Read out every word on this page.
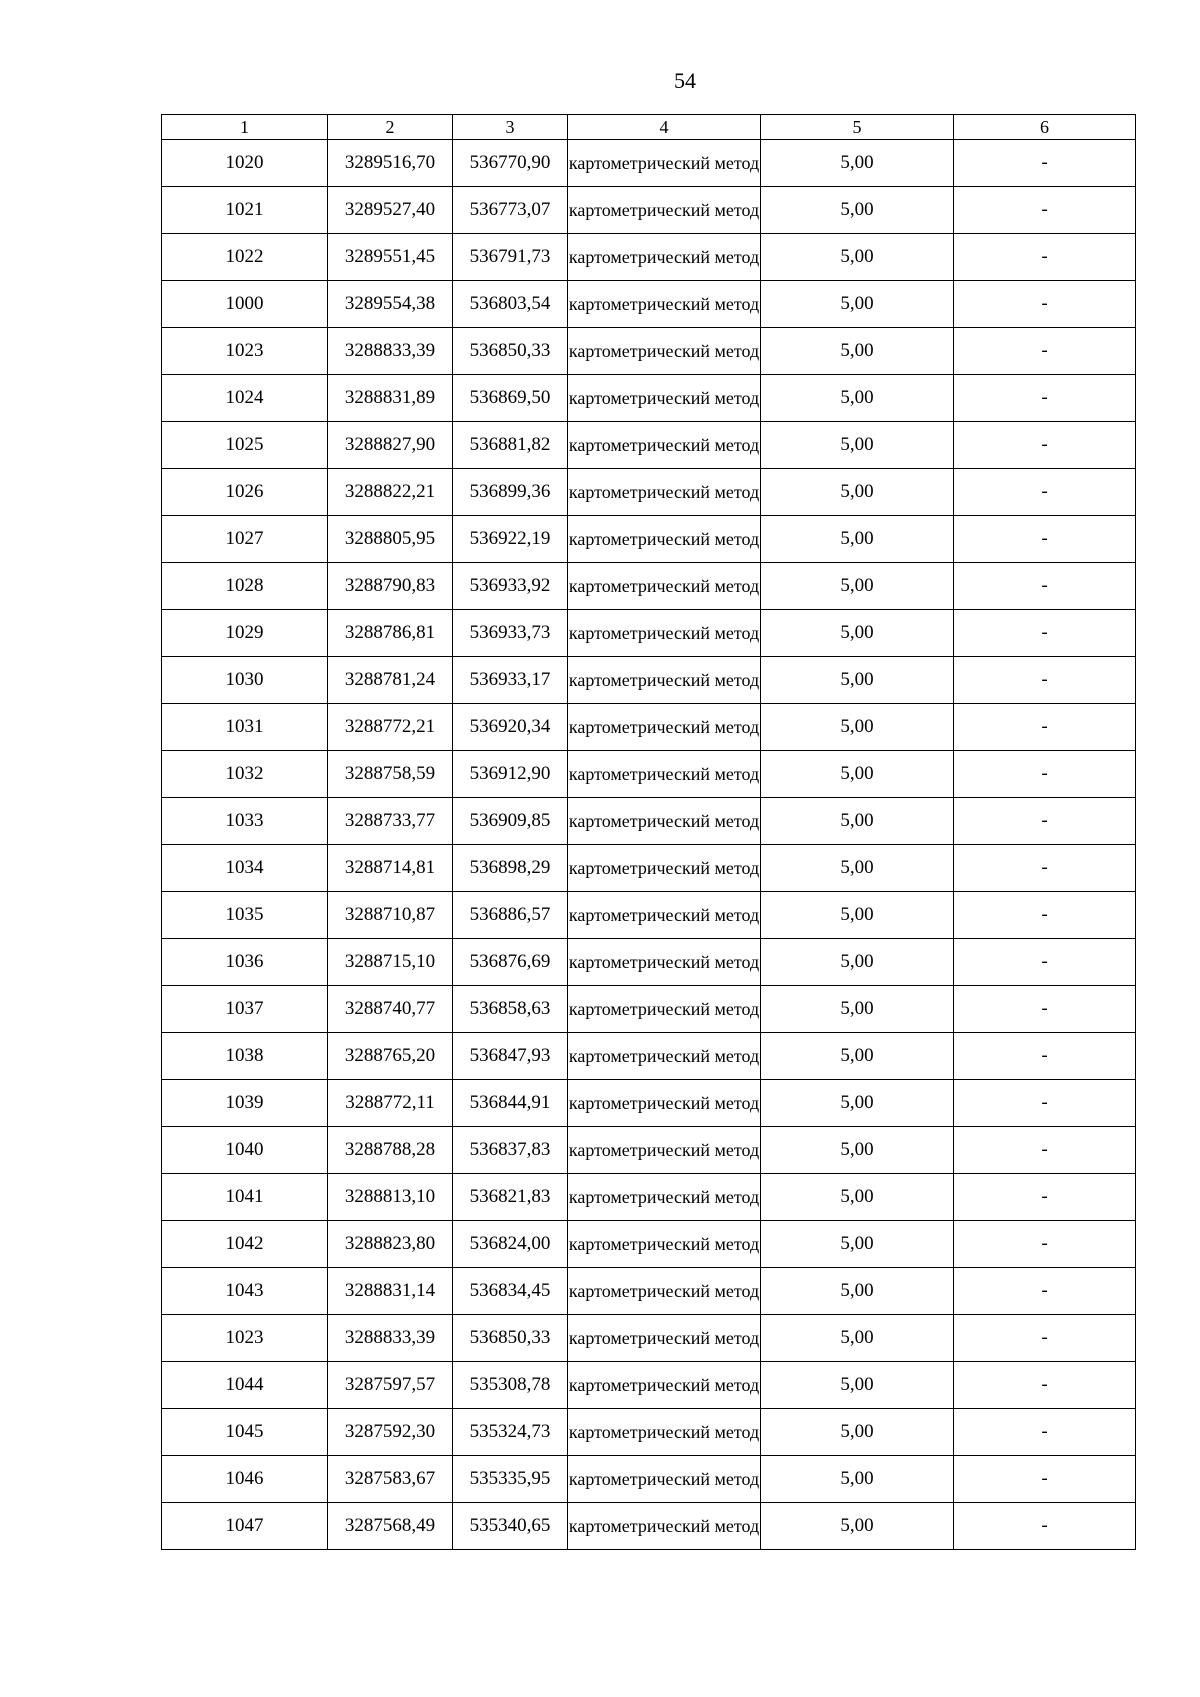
54
1	2	3	4	5	6
1020	3289516,70	536770,90	картометрический метод	5,00	-
1021	3289527,40	536773,07	картометрический метод	5,00	-
1022	3289551,45	536791,73	картометрический метод	5,00	-
1000	3289554,38	536803,54	картометрический метод	5,00	-
1023	3288833,39	536850,33	картометрический метод	5,00	-
1024	3288831,89	536869,50	картометрический метод	5,00	-
1025	3288827,90	536881,82	картометрический метод	5,00	-
1026	3288822,21	536899,36	картометрический метод	5,00	-
1027	3288805,95	536922,19	картометрический метод	5,00	-
1028	3288790,83	536933,92	картометрический метод	5,00	-
1029	3288786,81	536933,73	картометрический метод	5,00	-
1030	3288781,24	536933,17	картометрический метод	5,00	-
1031	3288772,21	536920,34	картометрический метод	5,00	-
1032	3288758,59	536912,90	картометрический метод	5,00	-
1033	3288733,77	536909,85	картометрический метод	5,00	-
1034	3288714,81	536898,29	картометрический метод	5,00	-
1035	3288710,87	536886,57	картометрический метод	5,00	-
1036	3288715,10	536876,69	картометрический метод	5,00	-
1037	3288740,77	536858,63	картометрический метод	5,00	-
1038	3288765,20	536847,93	картометрический метод	5,00	-
1039	3288772,11	536844,91	картометрический метод	5,00	-
1040	3288788,28	536837,83	картометрический метод	5,00	-
1041	3288813,10	536821,83	картометрический метод	5,00	-
1042	3288823,80	536824,00	картометрический метод	5,00	-
1043	3288831,14	536834,45	картометрический метод	5,00	-
1023	3288833,39	536850,33	картометрический метод	5,00	-
1044	3287597,57	535308,78	картометрический метод	5,00	-
1045	3287592,30	535324,73	картометрический метод	5,00	-
1046	3287583,67	535335,95	картометрический метод	5,00	-
1047	3287568,49	535340,65	картометрический метод	5,00	-
